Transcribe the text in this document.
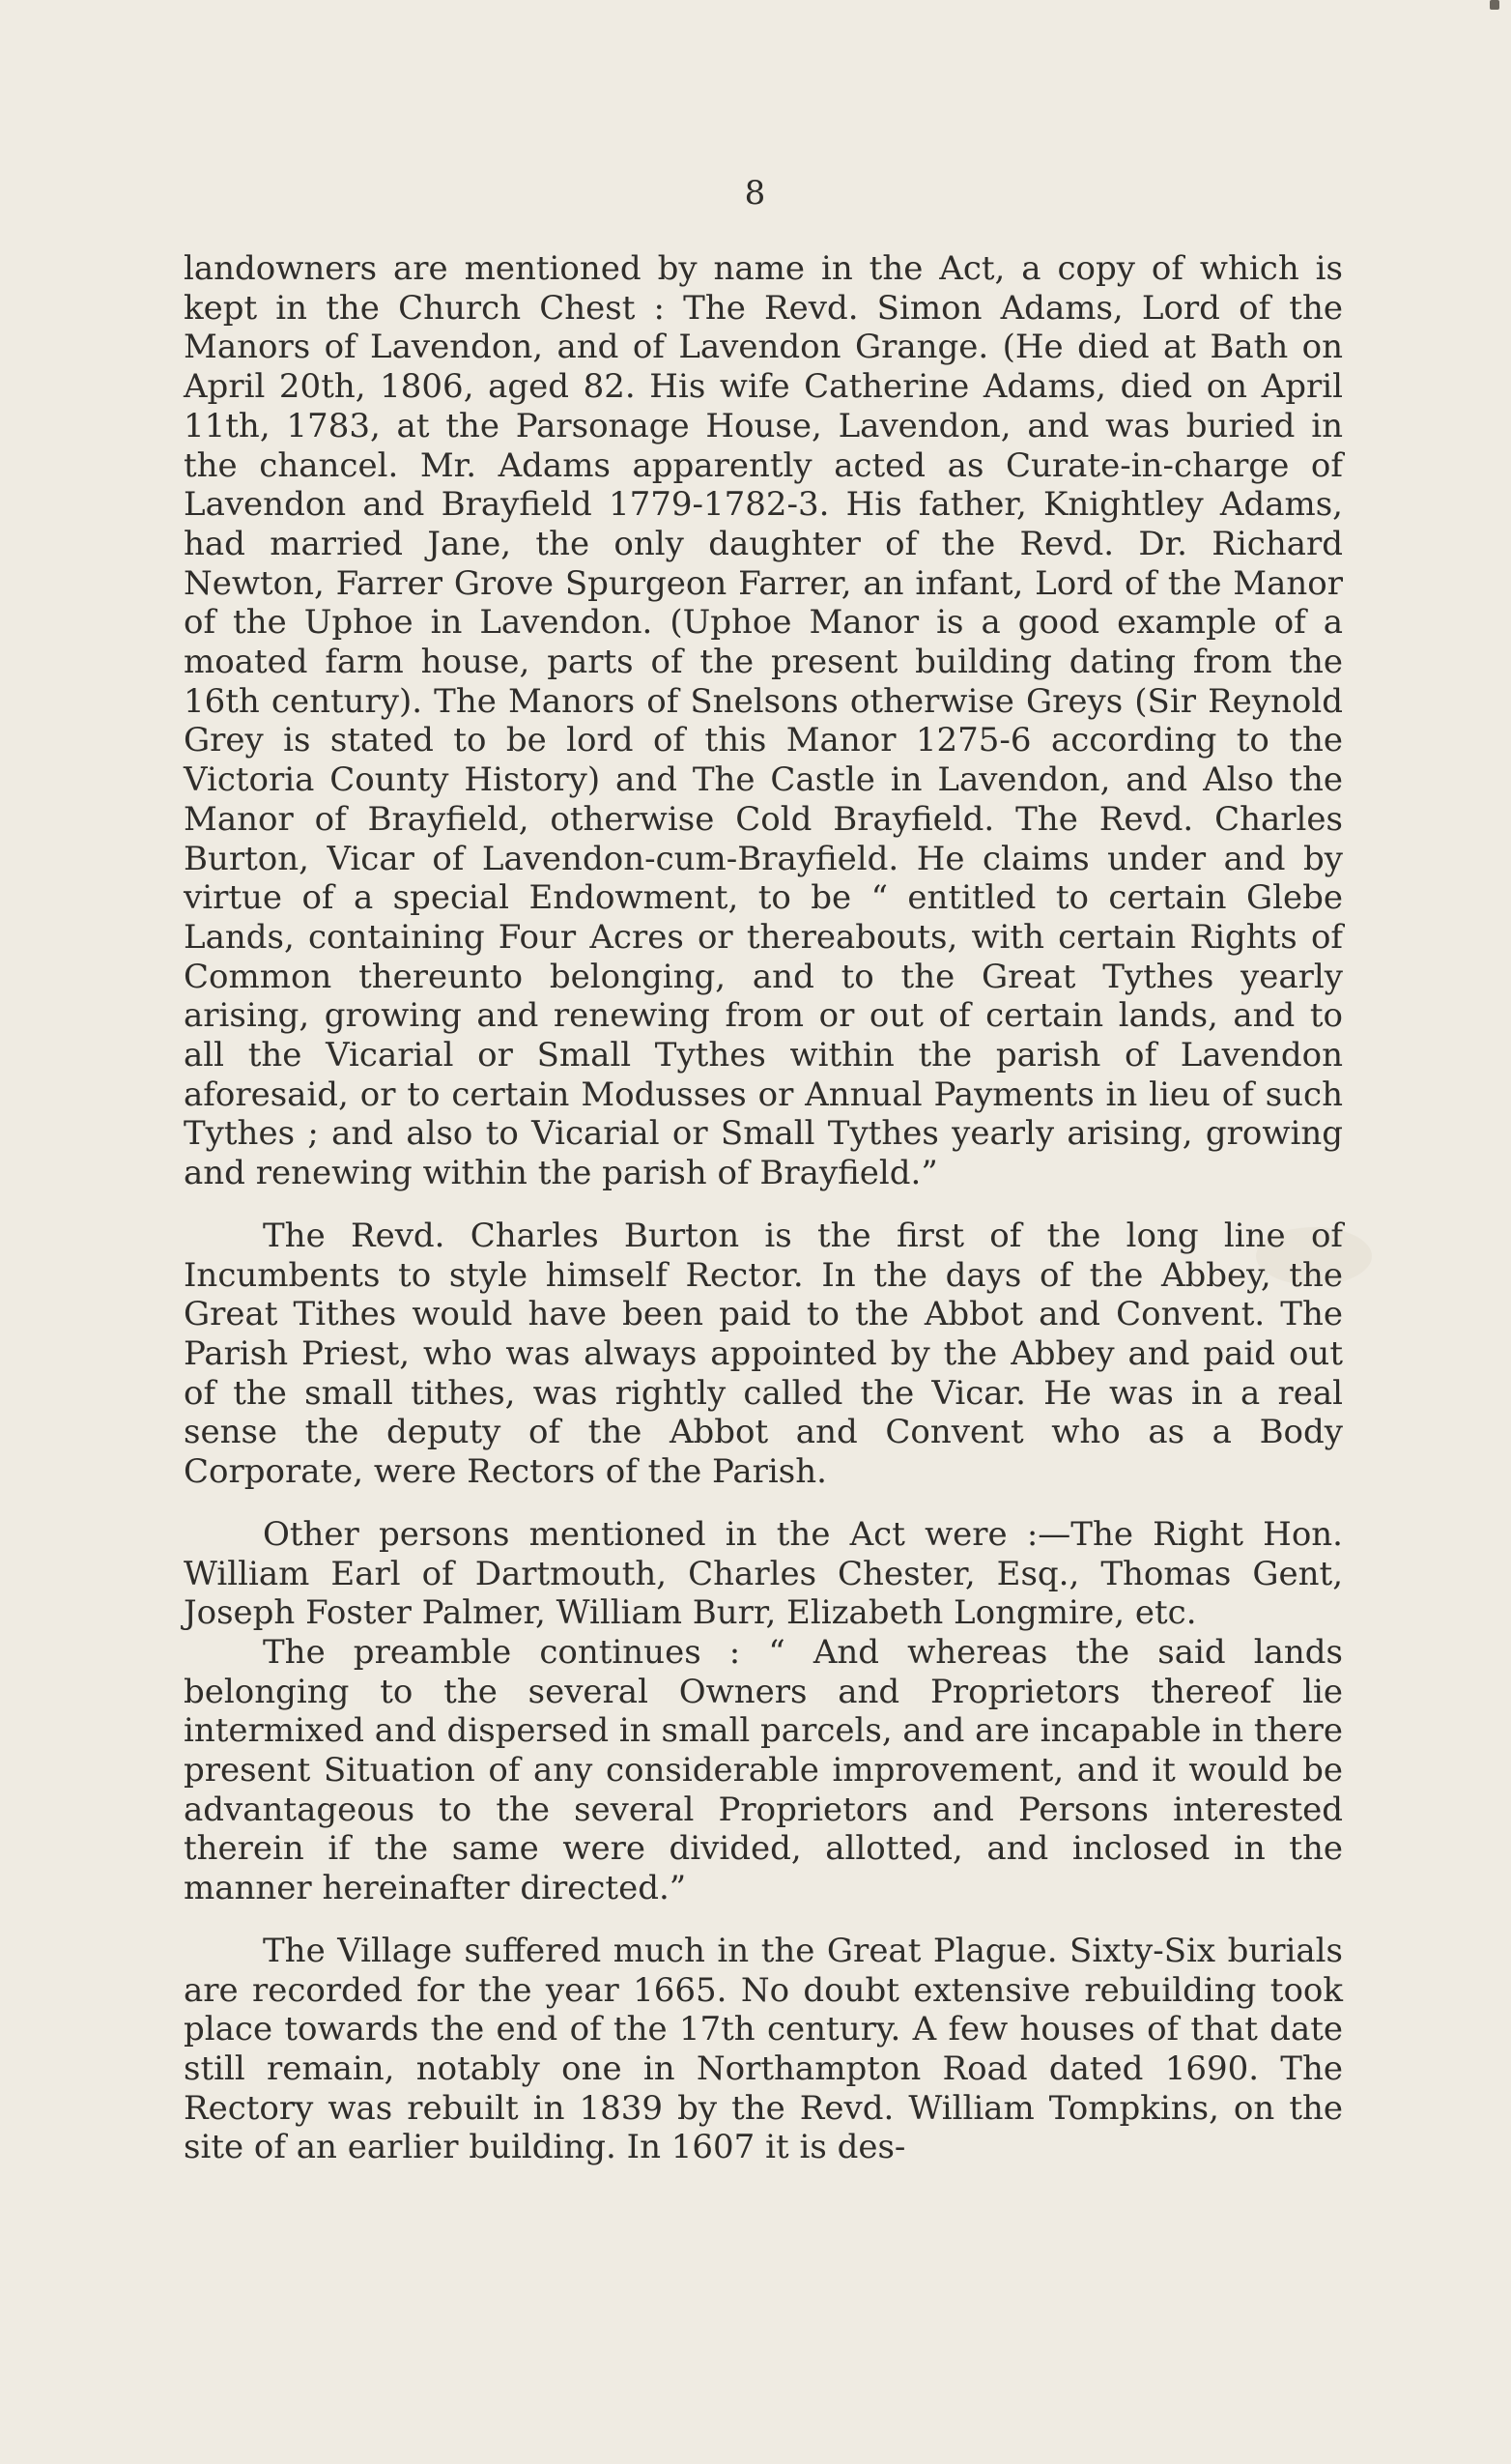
8

landowners are mentioned by name in the Act, a copy of which is kept in the Church Chest : The Revd. Simon Adams, Lord of the Manors of Lavendon, and of Lavendon Grange. (He died at Bath on April 20th, 1806, aged 82. His wife Catherine Adams, died on April 11th, 1783, at the Parsonage House, Lavendon, and was buried in the chancel. Mr. Adams apparently acted as Curate-in-charge of Lavendon and Brayfield 1779-1782-3. His father, Knightley Adams, had married Jane, the only daughter of the Revd. Dr. Richard Newton, Farrer Grove Spurgeon Farrer, an infant, Lord of the Manor of the Uphoe in Lavendon. (Uphoe Manor is a good example of a moated farm house, parts of the present building dating from the 16th century). The Manors of Snelsons otherwise Greys (Sir Reynold Grey is stated to be lord of this Manor 1275-6 according to the Victoria County History) and The Castle in Lavendon, and Also the Manor of Brayfield, otherwise Cold Brayfield. The Revd. Charles Burton, Vicar of Lavendon-cum-Brayfield. He claims under and by virtue of a special Endowment, to be “ entitled to certain Glebe Lands, containing Four Acres or thereabouts, with certain Rights of Common thereunto belonging, and to the Great Tythes yearly arising, growing and renewing from or out of certain lands, and to all the Vicarial or Small Tythes within the parish of Lavendon aforesaid, or to certain Modusses or Annual Payments in lieu of such Tythes ; and also to Vicarial or Small Tythes yearly arising, growing and renewing within the parish of Brayfield.”

The Revd. Charles Burton is the first of the long line of Incumbents to style himself Rector. In the days of the Abbey, the Great Tithes would have been paid to the Abbot and Convent. The Parish Priest, who was always appointed by the Abbey and paid out of the small tithes, was rightly called the Vicar. He was in a real sense the deputy of the Abbot and Convent who as a Body Corporate, were Rectors of the Parish.

Other persons mentioned in the Act were :—The Right Hon. William Earl of Dartmouth, Charles Chester, Esq., Thomas Gent, Joseph Foster Palmer, William Burr, Elizabeth Longmire, etc.

The preamble continues : “ And whereas the said lands belonging to the several Owners and Proprietors thereof lie intermixed and dispersed in small parcels, and are incapable in there present Situation of any considerable improvement, and it would be advantageous to the several Proprietors and Persons interested therein if the same were divided, allotted, and inclosed in the manner hereinafter directed.”

The Village suffered much in the Great Plague. Sixty-Six burials are recorded for the year 1665. No doubt extensive rebuilding took place towards the end of the 17th century. A few houses of that date still remain, notably one in Northampton Road dated 1690. The Rectory was rebuilt in 1839 by the Revd. William Tompkins, on the site of an earlier building. In 1607 it is des-
